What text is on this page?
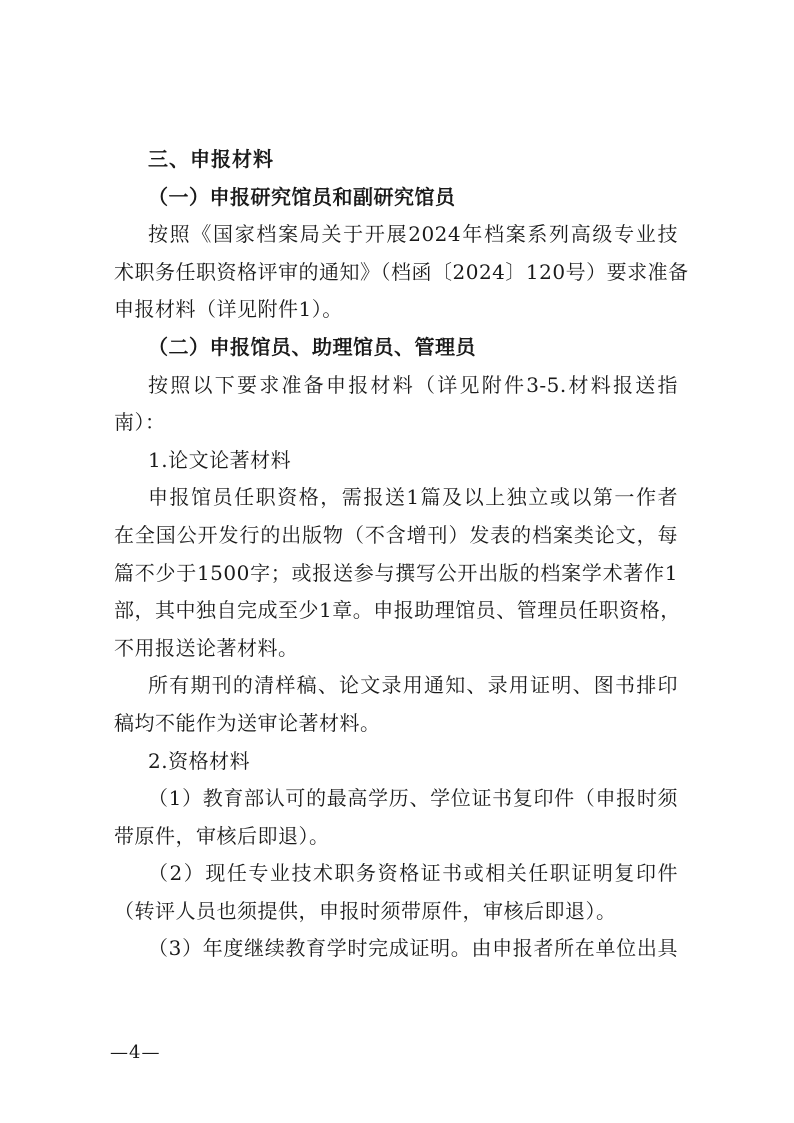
三、申报材料
（一）申报研究馆员和副研究馆员
按照《国家档案局关于开展2024年档案系列高级专业技
术职务任职资格评审的通知》（档函〔2024〕120号）要求准备
申报材料（详见附件1）。
（二）申报馆员、助理馆员、管理员
按照以下要求准备申报材料（详见附件3-5.材料报送指
南）：
1.论文论著材料
申报馆员任职资格，需报送1篇及以上独立或以第一作者
在全国公开发行的出版物（不含增刊）发表的档案类论文，每
篇不少于1500字；或报送参与撰写公开出版的档案学术著作1
部，其中独自完成至少1章。申报助理馆员、管理员任职资格，
不用报送论著材料。
所有期刊的清样稿、论文录用通知、录用证明、图书排印
稿均不能作为送审论著材料。
2.资格材料
（1）教育部认可的最高学历、学位证书复印件（申报时须
带原件，审核后即退）。
（2）现任专业技术职务资格证书或相关任职证明复印件
（转评人员也须提供，申报时须带原件，审核后即退）。
（3）年度继续教育学时完成证明。由申报者所在单位出具
—4—
